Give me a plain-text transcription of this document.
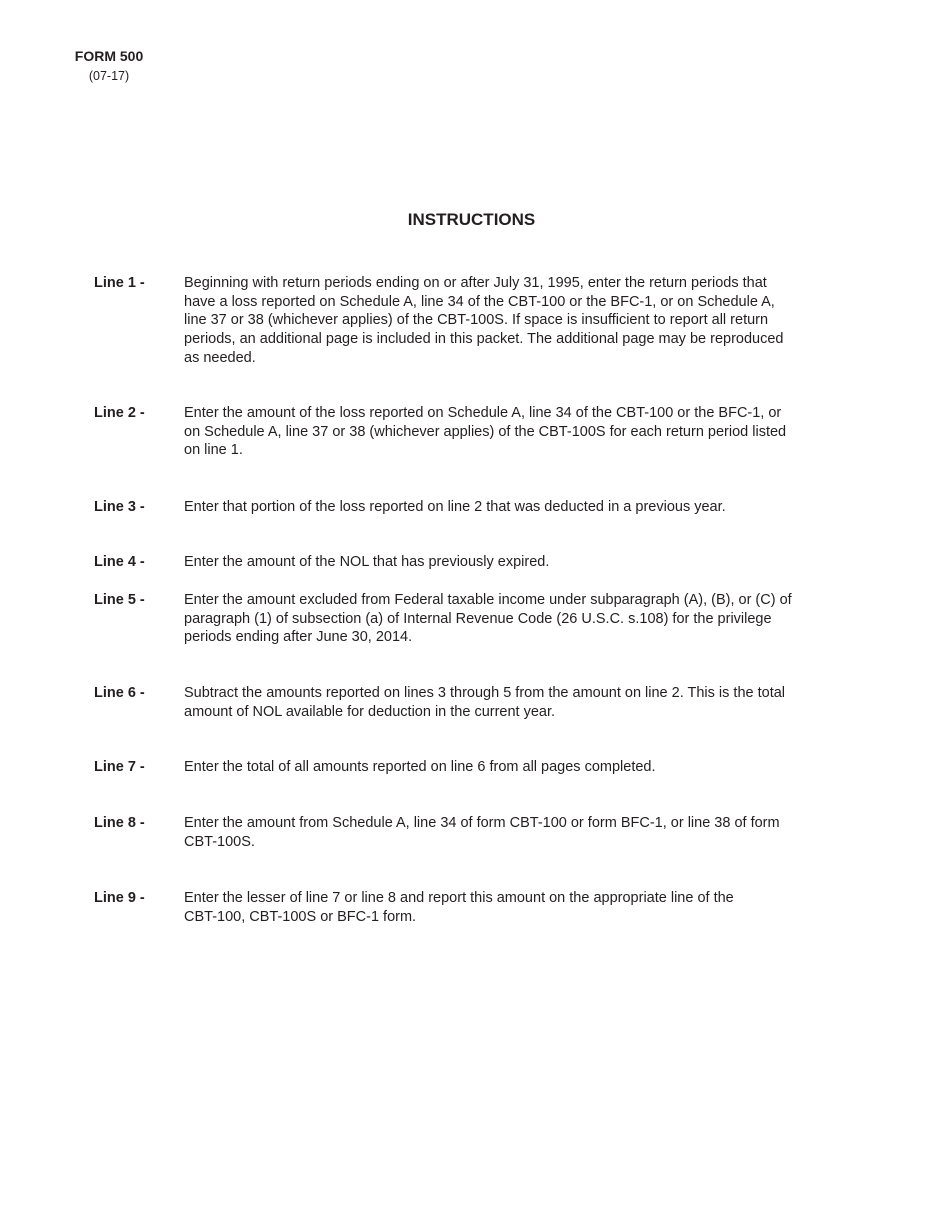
FORM 500
(07-17)
INSTRUCTIONS
Line 1 -	Beginning with return periods ending on or after July 31, 1995, enter the return periods that
have a loss reported on Schedule A, line 34 of the CBT-100 or the BFC-1, or on Schedule A,
line 37 or 38 (whichever applies) of the CBT-100S. If space is insufficient to report all return
periods, an additional page is included in this packet. The additional page may be reproduced
as needed.
Line 2 -	Enter the amount of the loss reported on Schedule A, line 34 of the CBT-100 or the BFC-1, or
on Schedule A, line 37 or 38 (whichever applies) of the CBT-100S for each return period listed
on line 1.
Line 3 -	Enter that portion of the loss reported on line 2 that was deducted in a previous year.
Line 4 -	Enter the amount of the NOL that has previously expired.
Line 5 -	Enter the amount excluded from Federal taxable income under subparagraph (A), (B), or (C) of
paragraph (1) of subsection (a) of Internal Revenue Code (26 U.S.C. s.108) for the privilege
periods ending after June 30, 2014.
Line 6 -	Subtract the amounts reported on lines 3 through 5 from the amount on line 2. This is the total
amount of NOL available for deduction in the current year.
Line 7 -	Enter the total of all amounts reported on line 6 from all pages completed.
Line 8 -	Enter the amount from Schedule A, line 34 of form CBT-100 or form BFC-1, or line 38 of form
CBT-100S.
Line 9 -	Enter the lesser of line 7 or line 8 and report this amount on the appropriate line of the
CBT-100, CBT-100S or BFC-1 form.
